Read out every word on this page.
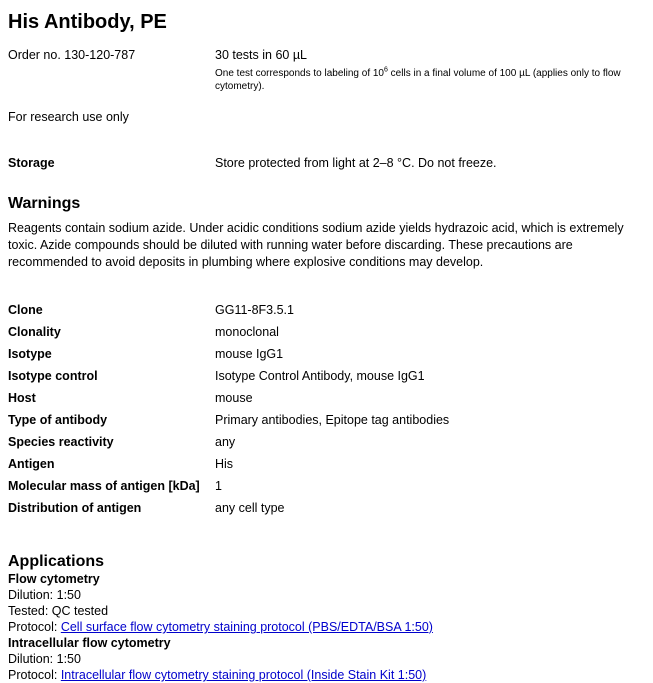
His Antibody, PE
Order no. 130-120-787	30 tests in 60 µL
One test corresponds to labeling of $10^6$ cells in a final volume of 100 µL (applies only to flow cytometry).
For research use only
Storage	Store protected from light at 2–8 °C. Do not freeze.
Warnings
Reagents contain sodium azide. Under acidic conditions sodium azide yields hydrazoic acid, which is extremely toxic. Azide compounds should be diluted with running water before discarding. These precautions are recommended to avoid deposits in plumbing where explosive conditions may develop.
Clone	GG11-8F3.5.1
Clonality	monoclonal
Isotype	mouse IgG1
Isotype control	Isotype Control Antibody, mouse IgG1
Host	mouse
Type of antibody	Primary antibodies, Epitope tag antibodies
Species reactivity	any
Antigen	His
Molecular mass of antigen [kDa]	1
Distribution of antigen	any cell type
Applications
Flow cytometry
Dilution: 1:50
Tested: QC tested
Protocol: Cell surface flow cytometry staining protocol (PBS/EDTA/BSA 1:50)
Intracellular flow cytometry
Dilution: 1:50
Protocol: Intracellular flow cytometry staining protocol (Inside Stain Kit 1:50)
